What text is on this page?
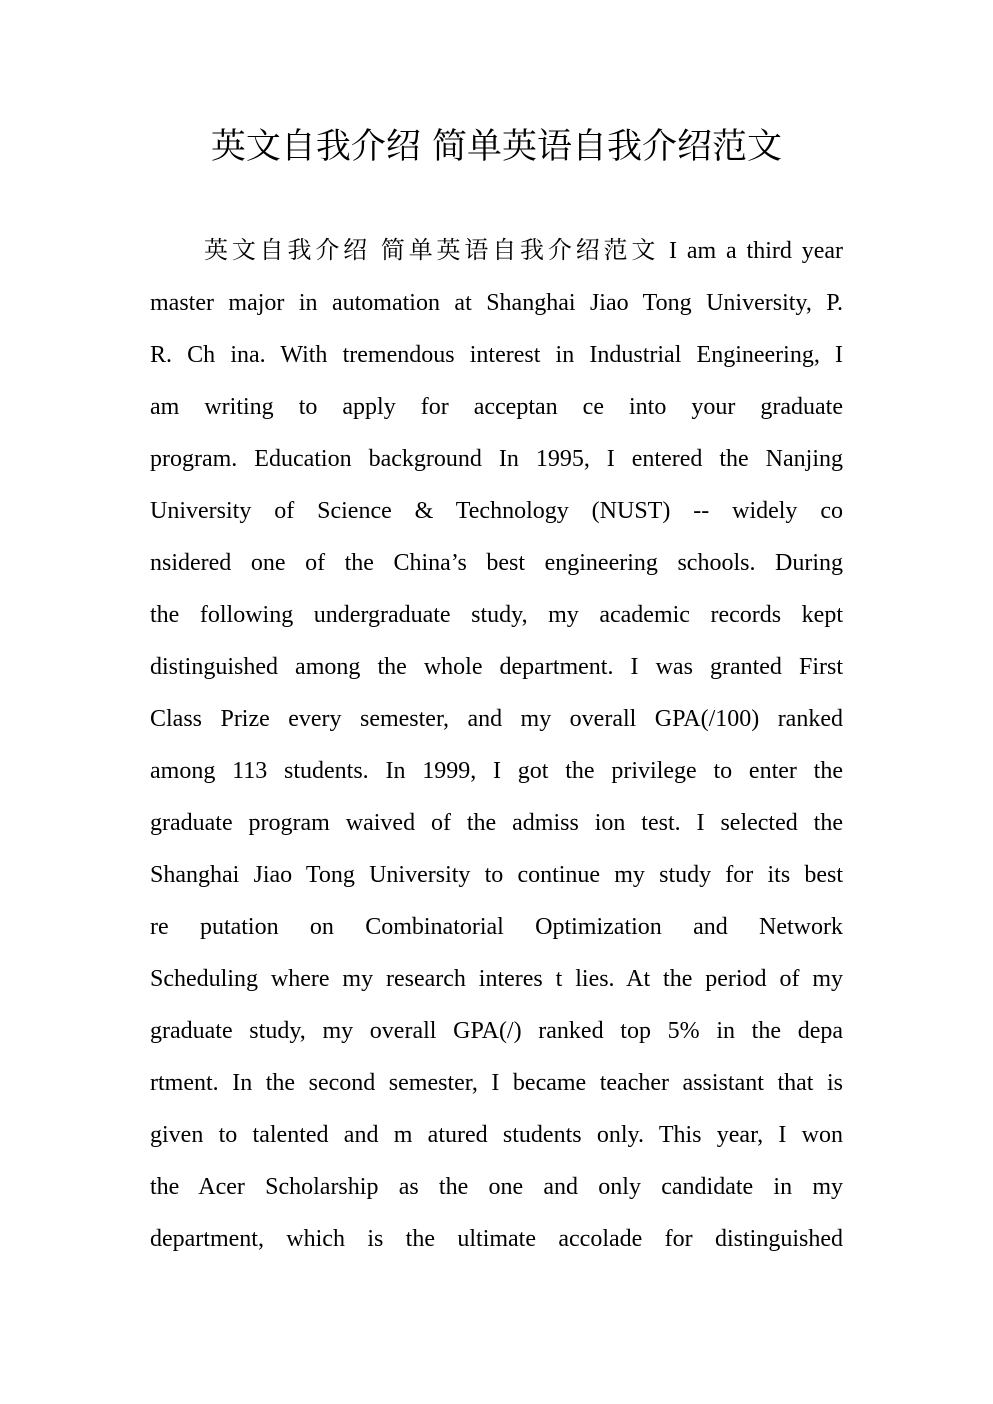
英文自我介绍 简单英语自我介绍范文
英文自我介绍 简单英语自我介绍范文 I am a third year
master major in automation at Shanghai Jiao Tong University, P.
R. Ch ina. With tremendous interest in Industrial Engineering, I
am writing to apply for acceptan ce into your graduate
program. Education background In 1995, I entered the Nanjing
University of Science & Technology (NUST) -- widely co
nsidered one of the China’s best engineering schools. During
the following undergraduate study, my academic records kept
distinguished among the whole department. I was granted First
Class Prize every semester, and my overall GPA(/100) ranked
among 113 students. In 1999, I got the privilege to enter the
graduate program waived of the admiss ion test. I selected the
Shanghai Jiao Tong University to continue my study for its best
re putation on Combinatorial Optimization and Network
Scheduling where my research interes t lies. At the period of my
graduate study, my overall GPA(/) ranked top 5% in the depa
rtment. In the second semester, I became teacher assistant that is
given to talented and m atured students only. This year, I won
the Acer Scholarship as the one and only candidate in my
department, which is the ultimate accolade for distinguished
